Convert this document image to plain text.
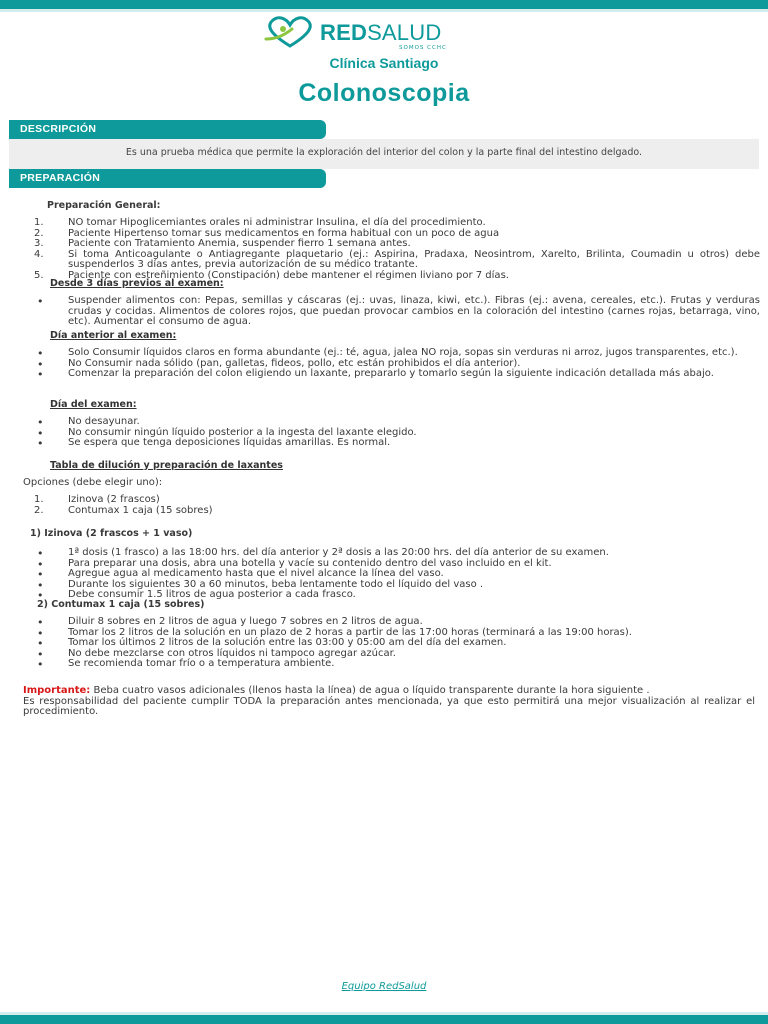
REDSALUD
SOMOS CCHC
Clínica Santiago
Colonoscopia
DESCRIPCIÓN
Es una prueba médica que permite la exploración del interior del colon y la parte final del intestino delgado.
PREPARACIÓN
Preparación General:
1. NO tomar Hipoglicemiantes orales ni administrar Insulina, el día del procedimiento.
2. Paciente Hipertenso tomar sus medicamentos en forma habitual con un poco de agua
3. Paciente con Tratamiento Anemia, suspender fierro 1 semana antes.
4. Si toma Anticoagulante o Antiagregante plaquetario (ej.: Aspirina, Pradaxa, Neosintrom, Xarelto, Brilinta, Coumadin u otros) debe suspenderlos 3 días antes, previa autorización de su médico tratante.
5. Paciente con estreñimiento (Constipación) debe mantener el régimen liviano por 7 días.
Desde 3 días previos al examen:
• Suspender alimentos con: Pepas, semillas y cáscaras (ej.: uvas, linaza, kiwi, etc.). Fibras (ej.: avena, cereales, etc.). Frutas y verduras crudas y cocidas. Alimentos de colores rojos, que puedan provocar cambios en la coloración del intestino (carnes rojas, betarraga, vino, etc). Aumentar el consumo de agua.
Día anterior al examen:
• Solo Consumir líquidos claros en forma abundante (ej.: té, agua, jalea NO roja, sopas sin verduras ni arroz, jugos transparentes, etc.).
• No Consumir nada sólido (pan, galletas, fideos, pollo, etc están prohibidos el día anterior).
• Comenzar la preparación del colon eligiendo un laxante, prepararlo y tomarlo según la siguiente indicación detallada más abajo.
Día del examen:
• No desayunar.
• No consumir ningún líquido posterior a la ingesta del laxante elegido.
• Se espera que tenga deposiciones líquidas amarillas. Es normal.
Tabla de dilución y preparación de laxantes
Opciones (debe elegir uno):
1. Izinova (2 frascos)
2. Contumax 1 caja (15 sobres)
1) Izinova (2 frascos + 1 vaso)
• 1ª dosis (1 frasco) a las 18:00 hrs. del día anterior y 2ª dosis a las 20:00 hrs. del día anterior de su examen.
• Para preparar una dosis, abra una botella y vacíe su contenido dentro del vaso incluido en el kit.
• Agregue agua al medicamento hasta que el nivel alcance la línea del vaso.
• Durante los siguientes 30 a 60 minutos, beba lentamente todo el líquido del vaso .
• Debe consumir 1.5 litros de agua posterior a cada frasco.
2) Contumax 1 caja (15 sobres)
• Diluir 8 sobres en 2 litros de agua y luego 7 sobres en 2 litros de agua.
• Tomar los 2 litros de la solución en un plazo de 2 horas a partir de las 17:00 horas (terminará a las 19:00 horas).
• Tomar los últimos 2 litros de la solución entre las 03:00 y 05:00 am del día del examen.
• No debe mezclarse con otros líquidos ni tampoco agregar azúcar.
• Se recomienda tomar frío o a temperatura ambiente.
Importante: Beba cuatro vasos adicionales (llenos hasta la línea) de agua o líquido transparente durante la hora siguiente .
Es responsabilidad del paciente cumplir TODA la preparación antes mencionada, ya que esto permitirá una mejor visualización al realizar el procedimiento.
Equipo RedSalud
